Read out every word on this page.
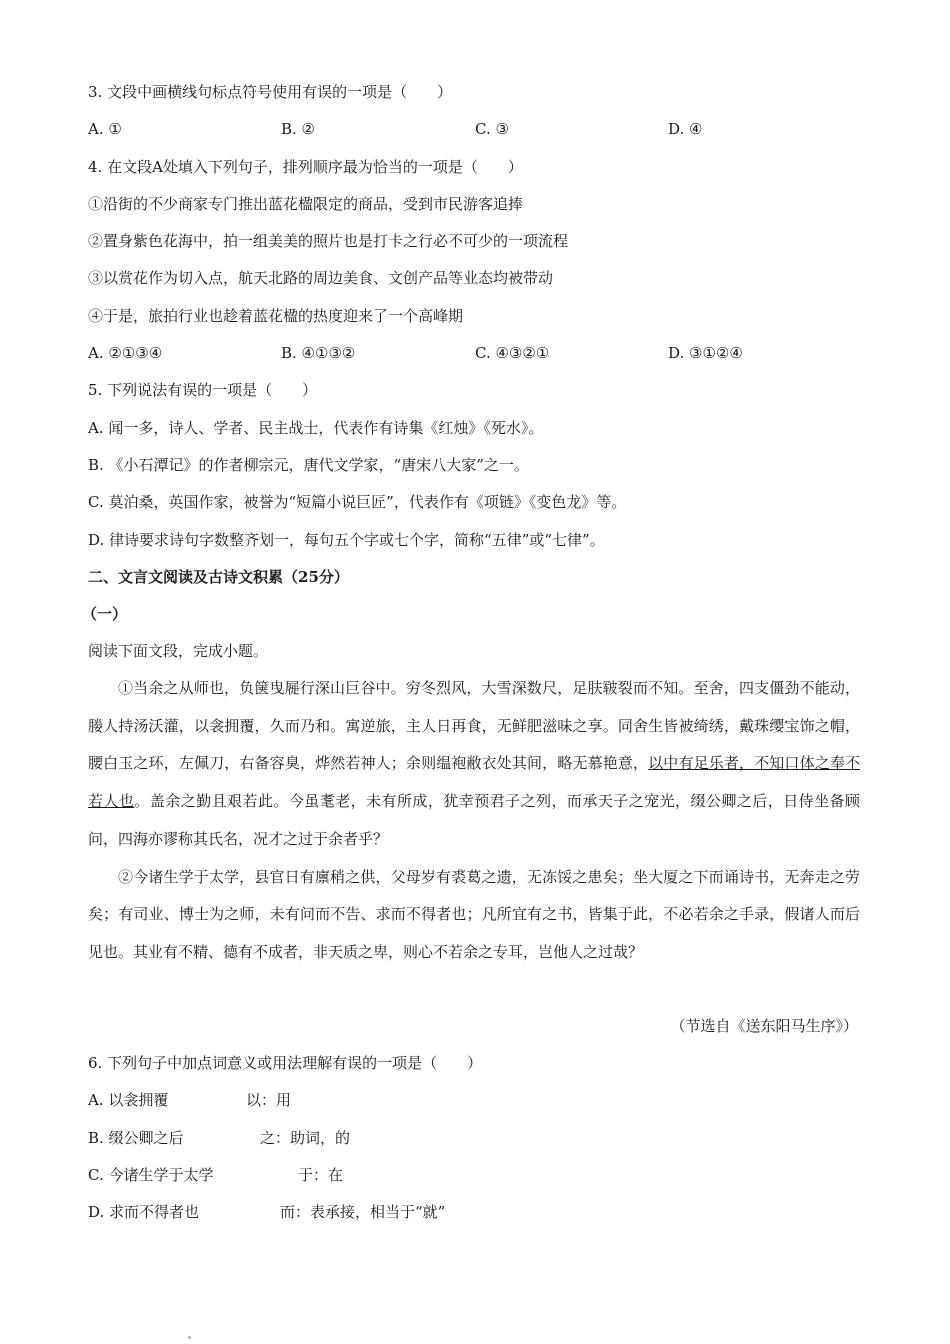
3. 文段中画横线句标点符号使用有误的一项是（　　）
A. ①	B. ②	C. ③	D. ④
4. 在文段A处填入下列句子，排列顺序最为恰当的一项是（　　）
①沿街的不少商家专门推出蓝花楹限定的商品，受到市民游客追捧
②置身紫色花海中，拍一组美美的照片也是打卡之行必不可少的一项流程
③以赏花作为切入点，航天北路的周边美食、文创产品等业态均被带动
④于是，旅拍行业也趁着蓝花楹的热度迎来了一个高峰期
A. ②①③④	B. ④①③②	C. ④③②①	D. ③①②④
5. 下列说法有误的一项是（　　）
A. 闻一多，诗人、学者、民主战士，代表作有诗集《红烛》《死水》。
B. 《小石潭记》的作者柳宗元，唐代文学家，“唐宋八大家”之一。
C. 莫泊桑，英国作家，被誉为“短篇小说巨匠”，代表作有《项链》《变色龙》等。
D. 律诗要求诗句字数整齐划一，每句五个字或七个字，简称“五律”或“七律”。
二、文言文阅读及古诗文积累（25分）
（一）
阅读下面文段，完成小题。

①当余之从师也，负箧曳屣行深山巨谷中。穷冬烈风，大雪深数尺，足肤皲裂而不知。至舍，四支僵劲不能动，媵人持汤沃灌，以衾拥覆，久而乃和。寓逆旅，主人日再食，无鲜肥滋味之享。同舍生皆被绮绣，戴珠缨宝饰之帽，腰白玉之环，左佩刀，右备容臭，烨然若神人；余则缊袍敝衣处其间，略无慕艳意，以中有足乐者，不知口体之奉不若人也。盖余之勤且艰若此。今虽耄老，未有所成，犹幸预君子之列，而承天子之宠光，缀公卿之后，日侍坐备顾问，四海亦谬称其氏名，况才之过于余者乎？

②今诸生学于太学，县官日有廪稍之供，父母岁有裘葛之遗，无冻馁之患矣；坐大厦之下而诵诗书，无奔走之劳矣；有司业、博士为之师，未有问而不告、求而不得者也；凡所宜有之书，皆集于此，不必若余之手录，假诸人而后见也。其业有不精、德有不成者，非天质之卑，则心不若余之专耳，岂他人之过哉？

（节选自《送东阳马生序》）
6. 下列句子中加点词意义或用法理解有误的一项是（　　）
A. 以衾拥覆	以：用
B. 缀公卿之后	之：助词，的
C. 今诸生学于太学	于：在
D. 求而不得者也	而：表承接，相当于“就”
